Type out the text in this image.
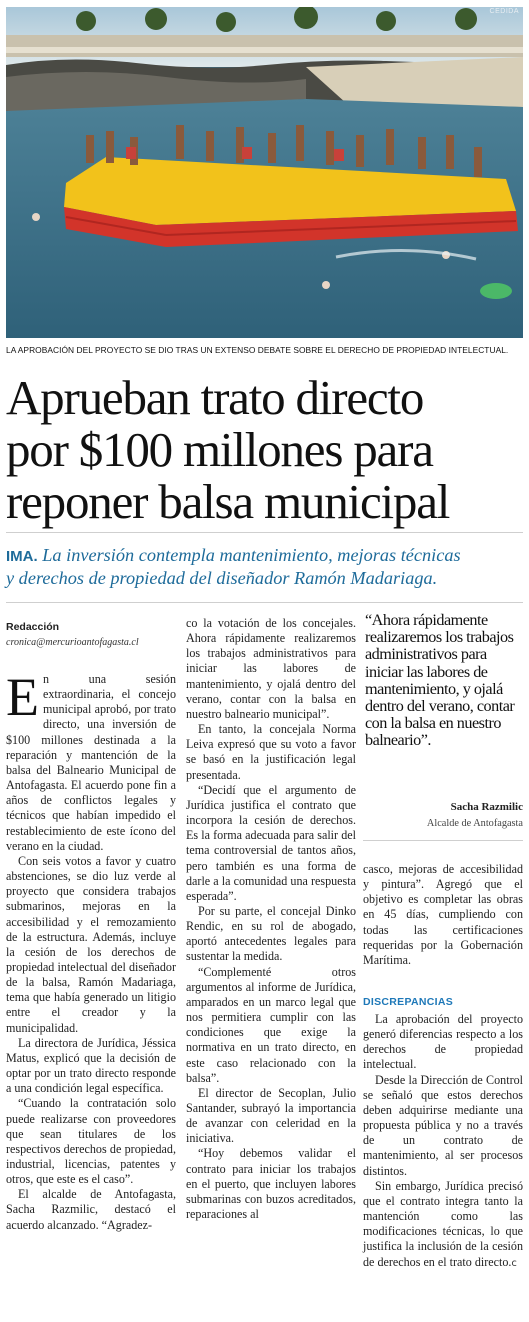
CEDIDA
LA APROBACIÓN DEL PROYECTO SE DIO TRAS UN EXTENSO DEBATE SOBRE EL DERECHO DE PROPIEDAD INTELECTUAL.
Aprueban trato directo
por $100 millones para
reponer balsa municipal
IMA. La inversión contempla mantenimiento, mejoras técnicas
y derechos de propiedad del diseñador Ramón Madariaga.
Redacción
cronica@mercurioantofagasta.cl

En una sesión extraordinaria, el concejo municipal aprobó, por trato directo, una inversión de $100 millones destinada a la reparación y mantención de la balsa del Balneario Municipal de Antofagasta. El acuerdo pone fin a años de conflictos legales y técnicos que habían impedido el restablecimiento de este ícono del verano en la ciudad.

Con seis votos a favor y cuatro abstenciones, se dio luz verde al proyecto que considera trabajos submarinos, mejoras en la accesibilidad y el remozamiento de la estructura. Además, incluye la cesión de los derechos de propiedad intelectual del diseñador de la balsa, Ramón Madariaga, tema que había generado un litigio entre el creador y la municipalidad.

La directora de Jurídica, Jéssica Matus, explicó que la decisión de optar por un trato directo responde a una condición legal específica.

“Cuando la contratación solo puede realizarse con proveedores que sean titulares de los respectivos derechos de propiedad, industrial, licencias, patentes y otros, que este es el caso”.

El alcalde de Antofagasta, Sacha Razmilic, destacó el acuerdo alcanzado. “Agradez-

co la votación de los concejales. Ahora rápidamente realizaremos los trabajos administrativos para iniciar las labores de mantenimiento, y ojalá dentro del verano, contar con la balsa en nuestro balneario municipal”.

En tanto, la concejala Norma Leiva expresó que su voto a favor se basó en la justificación legal presentada.

“Decidí que el argumento de Jurídica justifica el contrato que incorpora la cesión de derechos. Es la forma adecuada para salir del tema controversial de tantos años, pero también es una forma de darle a la comunidad una respuesta esperada”.

Por su parte, el concejal Dinko Rendic, en su rol de abogado, aportó antecedentes legales para sustentar la medida.

“Complementé otros argumentos al informe de Jurídica, amparados en un marco legal que nos permitiera cumplir con las condiciones que exige la normativa en un trato directo, en este caso relacionado con la balsa”.

El director de Secoplan, Julio Santander, subrayó la importancia de avanzar con celeridad en la iniciativa.

“Hoy debemos validar el contrato para iniciar los trabajos en el puerto, que incluyen labores submarinas con buzos acreditados, reparaciones al

“Ahora rápidamente realizaremos los trabajos administrativos para iniciar las labores de mantenimiento, y ojalá dentro del verano, contar con la balsa en nuestro balneario”.
Sacha Razmilic
Alcalde de Antofagasta

casco, mejoras de accesibilidad y pintura”. Agregó que el objetivo es completar las obras en 45 días, cumpliendo con todas las certificaciones requeridas por la Gobernación Marítima.

DISCREPANCIAS

La aprobación del proyecto generó diferencias respecto a los derechos de propiedad intelectual.

Desde la Dirección de Control se señaló que estos derechos deben adquirirse mediante una propuesta pública y no a través de un contrato de mantenimiento, al ser procesos distintos.

Sin embargo, Jurídica precisó que el contrato integra tanto la mantención como las modificaciones técnicas, lo que justifica la inclusión de la cesión de derechos en el trato directo.ᴄ
